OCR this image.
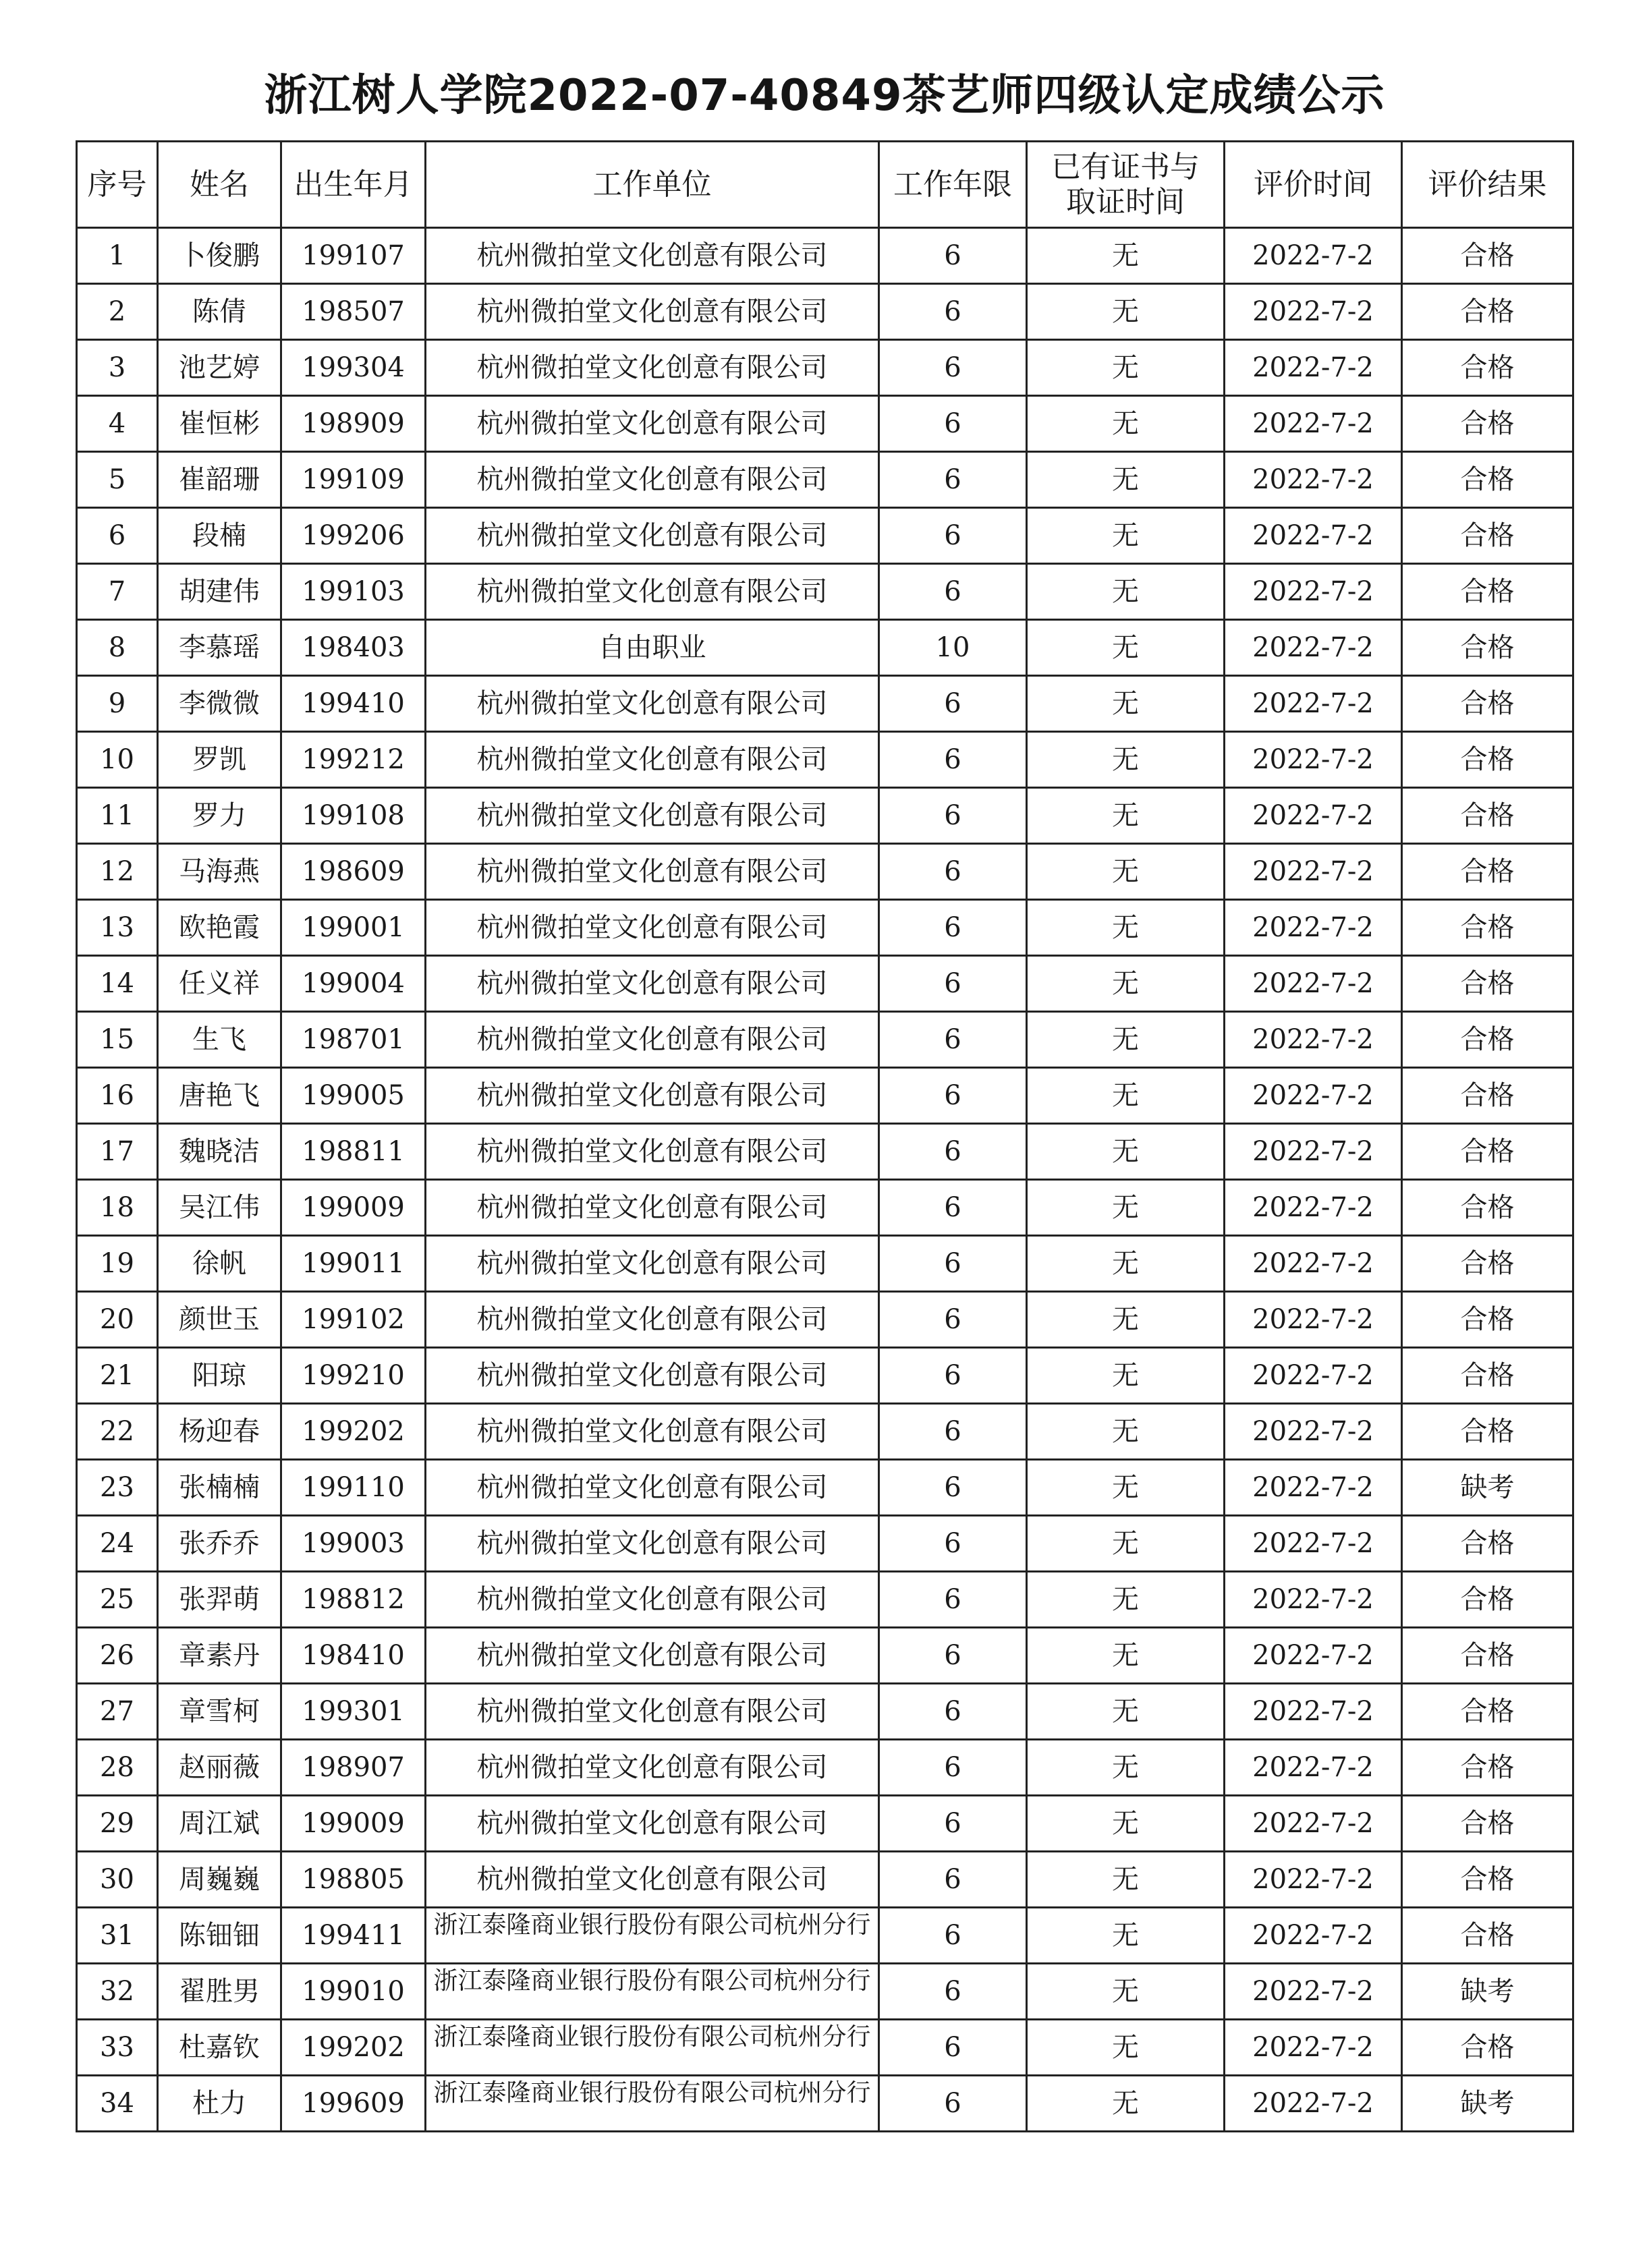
浙江树人学院2022-07-40849茶艺师四级认定成绩公示
序号	姓名	出生年月	工作单位	工作年限	已有证书与取证时间	评价时间	评价结果
1	卜俊鹏	199107	杭州微拍堂文化创意有限公司	6	无	2022-7-2	合格
2	陈倩	198507	杭州微拍堂文化创意有限公司	6	无	2022-7-2	合格
3	池艺婷	199304	杭州微拍堂文化创意有限公司	6	无	2022-7-2	合格
4	崔恒彬	198909	杭州微拍堂文化创意有限公司	6	无	2022-7-2	合格
5	崔韶珊	199109	杭州微拍堂文化创意有限公司	6	无	2022-7-2	合格
6	段楠	199206	杭州微拍堂文化创意有限公司	6	无	2022-7-2	合格
7	胡建伟	199103	杭州微拍堂文化创意有限公司	6	无	2022-7-2	合格
8	李慕瑶	198403	自由职业	10	无	2022-7-2	合格
9	李微微	199410	杭州微拍堂文化创意有限公司	6	无	2022-7-2	合格
10	罗凯	199212	杭州微拍堂文化创意有限公司	6	无	2022-7-2	合格
11	罗力	199108	杭州微拍堂文化创意有限公司	6	无	2022-7-2	合格
12	马海燕	198609	杭州微拍堂文化创意有限公司	6	无	2022-7-2	合格
13	欧艳霞	199001	杭州微拍堂文化创意有限公司	6	无	2022-7-2	合格
14	任义祥	199004	杭州微拍堂文化创意有限公司	6	无	2022-7-2	合格
15	生飞	198701	杭州微拍堂文化创意有限公司	6	无	2022-7-2	合格
16	唐艳飞	199005	杭州微拍堂文化创意有限公司	6	无	2022-7-2	合格
17	魏晓洁	198811	杭州微拍堂文化创意有限公司	6	无	2022-7-2	合格
18	吴江伟	199009	杭州微拍堂文化创意有限公司	6	无	2022-7-2	合格
19	徐帆	199011	杭州微拍堂文化创意有限公司	6	无	2022-7-2	合格
20	颜世玉	199102	杭州微拍堂文化创意有限公司	6	无	2022-7-2	合格
21	阳琼	199210	杭州微拍堂文化创意有限公司	6	无	2022-7-2	合格
22	杨迎春	199202	杭州微拍堂文化创意有限公司	6	无	2022-7-2	合格
23	张楠楠	199110	杭州微拍堂文化创意有限公司	6	无	2022-7-2	缺考
24	张乔乔	199003	杭州微拍堂文化创意有限公司	6	无	2022-7-2	合格
25	张羿萌	198812	杭州微拍堂文化创意有限公司	6	无	2022-7-2	合格
26	章素丹	198410	杭州微拍堂文化创意有限公司	6	无	2022-7-2	合格
27	章雪柯	199301	杭州微拍堂文化创意有限公司	6	无	2022-7-2	合格
28	赵丽薇	198907	杭州微拍堂文化创意有限公司	6	无	2022-7-2	合格
29	周江斌	199009	杭州微拍堂文化创意有限公司	6	无	2022-7-2	合格
30	周巍巍	198805	杭州微拍堂文化创意有限公司	6	无	2022-7-2	合格
31	陈钿钿	199411	浙江泰隆商业银行股份有限公司杭州分行	6	无	2022-7-2	合格
32	翟胜男	199010	浙江泰隆商业银行股份有限公司杭州分行	6	无	2022-7-2	缺考
33	杜嘉钦	199202	浙江泰隆商业银行股份有限公司杭州分行	6	无	2022-7-2	合格
34	杜力	199609	浙江泰隆商业银行股份有限公司杭州分行	6	无	2022-7-2	缺考
